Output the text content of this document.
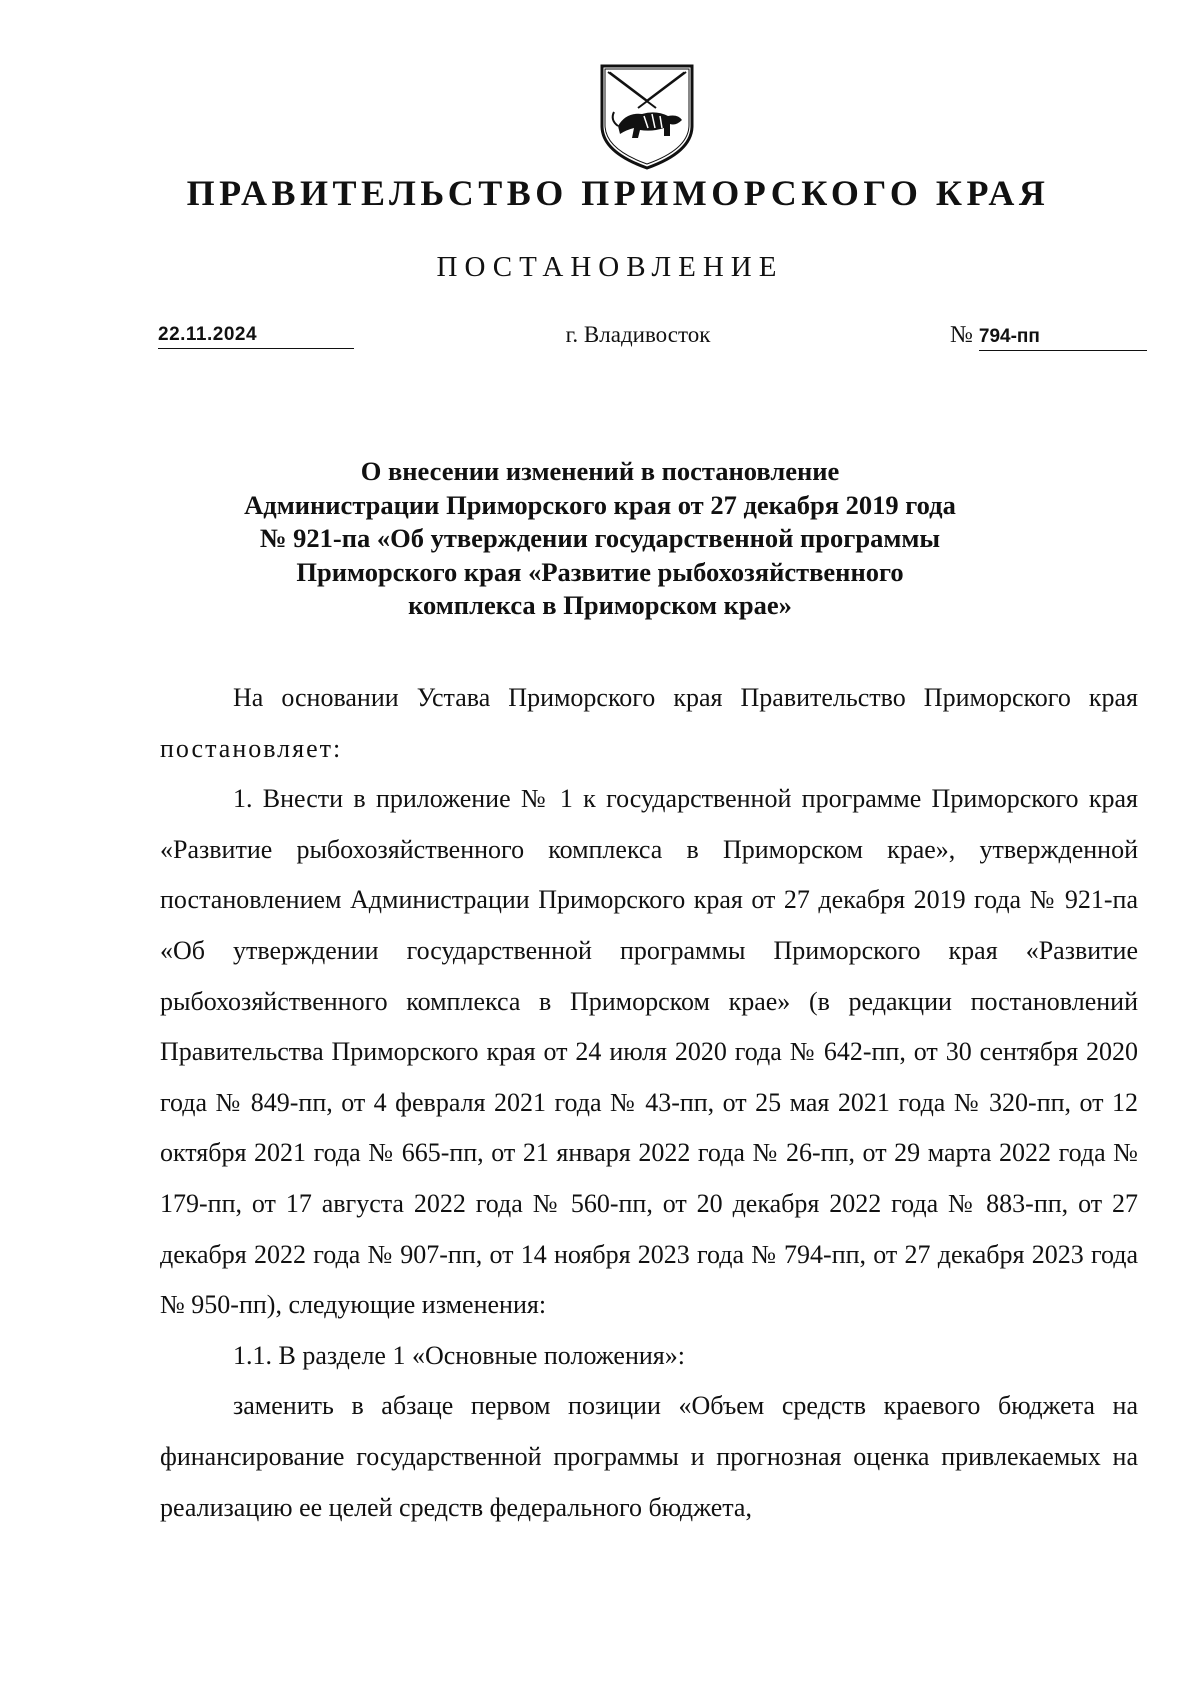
ПРАВИТЕЛЬСТВО ПРИМОРСКОГО КРАЯ
ПОСТАНОВЛЕНИЕ
22.11.2024	г. Владивосток	№ 794-пп
О внесении изменений в постановление
Администрации Приморского края от 27 декабря 2019 года
№ 921-па «Об утверждении государственной программы
Приморского края «Развитие рыбохозяйственного
комплекса в Приморском крае»

На основании Устава Приморского края Правительство Приморского края постановляет:

1. Внести в приложение № 1 к государственной программе Приморского края «Развитие рыбохозяйственного комплекса в Приморском крае», утвержденной постановлением Администрации Приморского края от 27 декабря 2019 года № 921-па «Об утверждении государственной программы Приморского края «Развитие рыбохозяйственного комплекса в Приморском крае» (в редакции постановлений Правительства Приморского края от 24 июля 2020 года № 642-пп, от 30 сентября 2020 года № 849-пп, от 4 февраля 2021 года № 43-пп, от 25 мая 2021 года № 320-пп, от 12 октября 2021 года № 665-пп, от 21 января 2022 года № 26-пп, от 29 марта 2022 года № 179-пп, от 17 августа 2022 года № 560-пп, от 20 декабря 2022 года № 883-пп, от 27 декабря 2022 года № 907-пп, от 14 ноября 2023 года № 794-пп, от 27 декабря 2023 года № 950-пп), следующие изменения:

1.1. В разделе 1 «Основные положения»:

заменить в абзаце первом позиции «Объем средств краевого бюджета на финансирование государственной программы и прогнозная оценка привлекаемых на реализацию ее целей средств федерального бюджета,
